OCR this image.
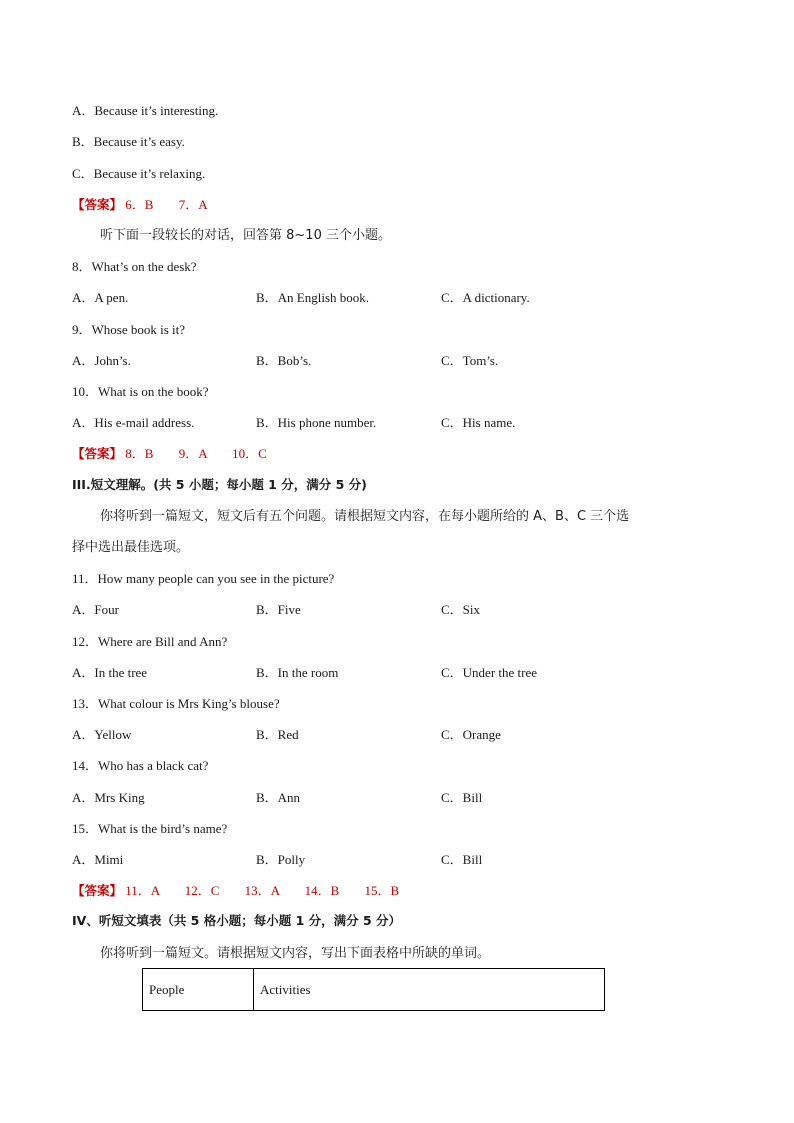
A．Because it’s interesting.
B．Because it’s easy.
C．Because it’s relaxing.
【答案】 6．B 7．A
听下面一段较长的对话，回答第 8~10 三个小题。
8．What’s on the desk?
A．A pen.	B．An English book.	C．A dictionary.
9．Whose book is it?
A．John’s.	B．Bob’s.	C．Tom’s.
10．What is on the book?
A．His e-mail address.	B．His phone number.	C．His name.
【答案】 8．B 9．A 10．C
III.短文理解。(共 5 小题；每小题 1 分，满分 5 分)
你将听到一篇短文，短文后有五个问题。请根据短文内容，在每小题所给的 A、B、C 三个选
择中选出最佳选项。
11．How many people can you see in the picture?
A．Four	B．Five	C．Six
12．Where are Bill and Ann?
A．In the tree	B．In the room	C．Under the tree
13．What colour is Mrs King’s blouse?
A．Yellow	B．Red	C．Orange
14．Who has a black cat?
A．Mrs King	B．Ann	C．Bill
15．What is the bird’s name?
A．Mimi	B．Polly	C．Bill
【答案】 11．A 12．C 13．A 14．B 15．B
IV、听短文填表（共 5 格小题；每小题 1 分，满分 5 分）
你将听到一篇短文。请根据短文内容，写出下面表格中所缺的单词。
People	Activities
